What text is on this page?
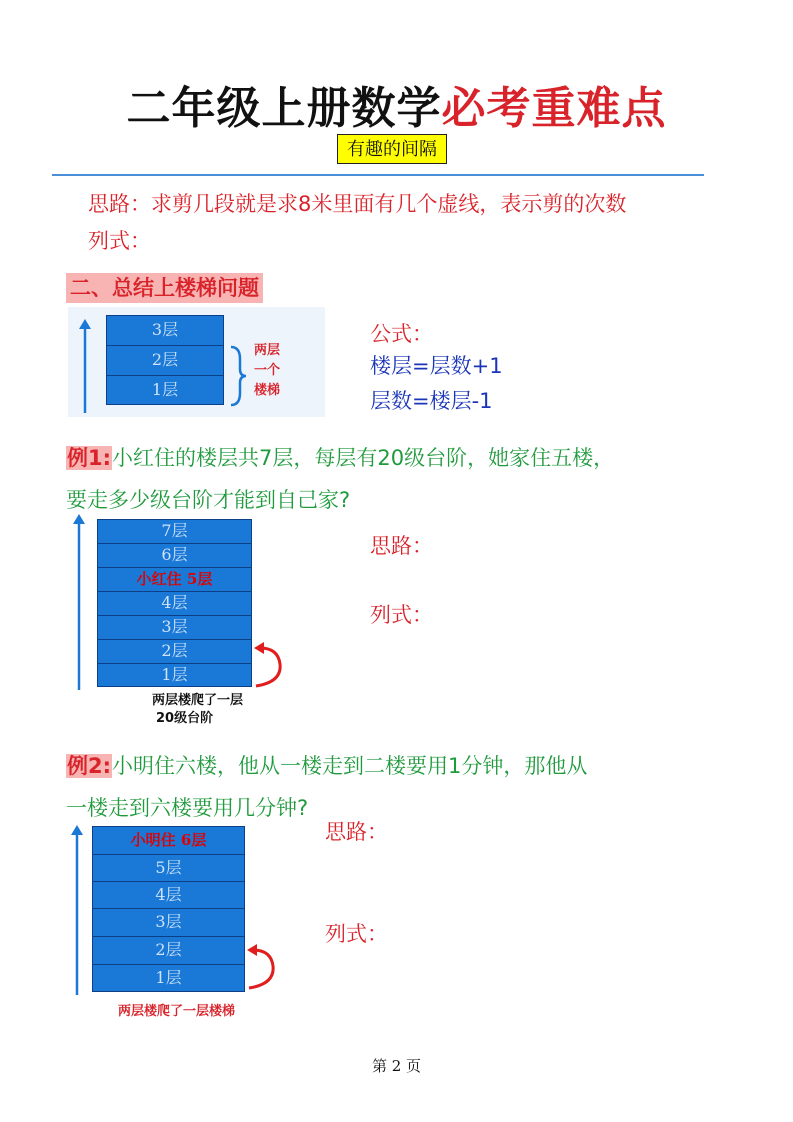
二年级上册数学必考重难点
有趣的间隔
思路：求剪几段就是求8米里面有几个虚线，表示剪的次数
列式：
二、总结上楼梯问题
3层
2层
1层
两层
一个
楼梯
公式：
楼层=层数+1
层数=楼层-1
例1:小红住的楼层共7层，每层有20级台阶，她家住五楼，
要走多少级台阶才能到自己家?
7层
6层
小红住 5层
4层
3层
2层
1层
两层楼爬了一层
20级台阶
思路：
列式：
例2:小明住六楼，他从一楼走到二楼要用1分钟，那他从
一楼走到六楼要用几分钟?
小明住 6层
5层
4层
3层
2层
1层
两层楼爬了一层楼梯
思路：
列式：
第 2 页
